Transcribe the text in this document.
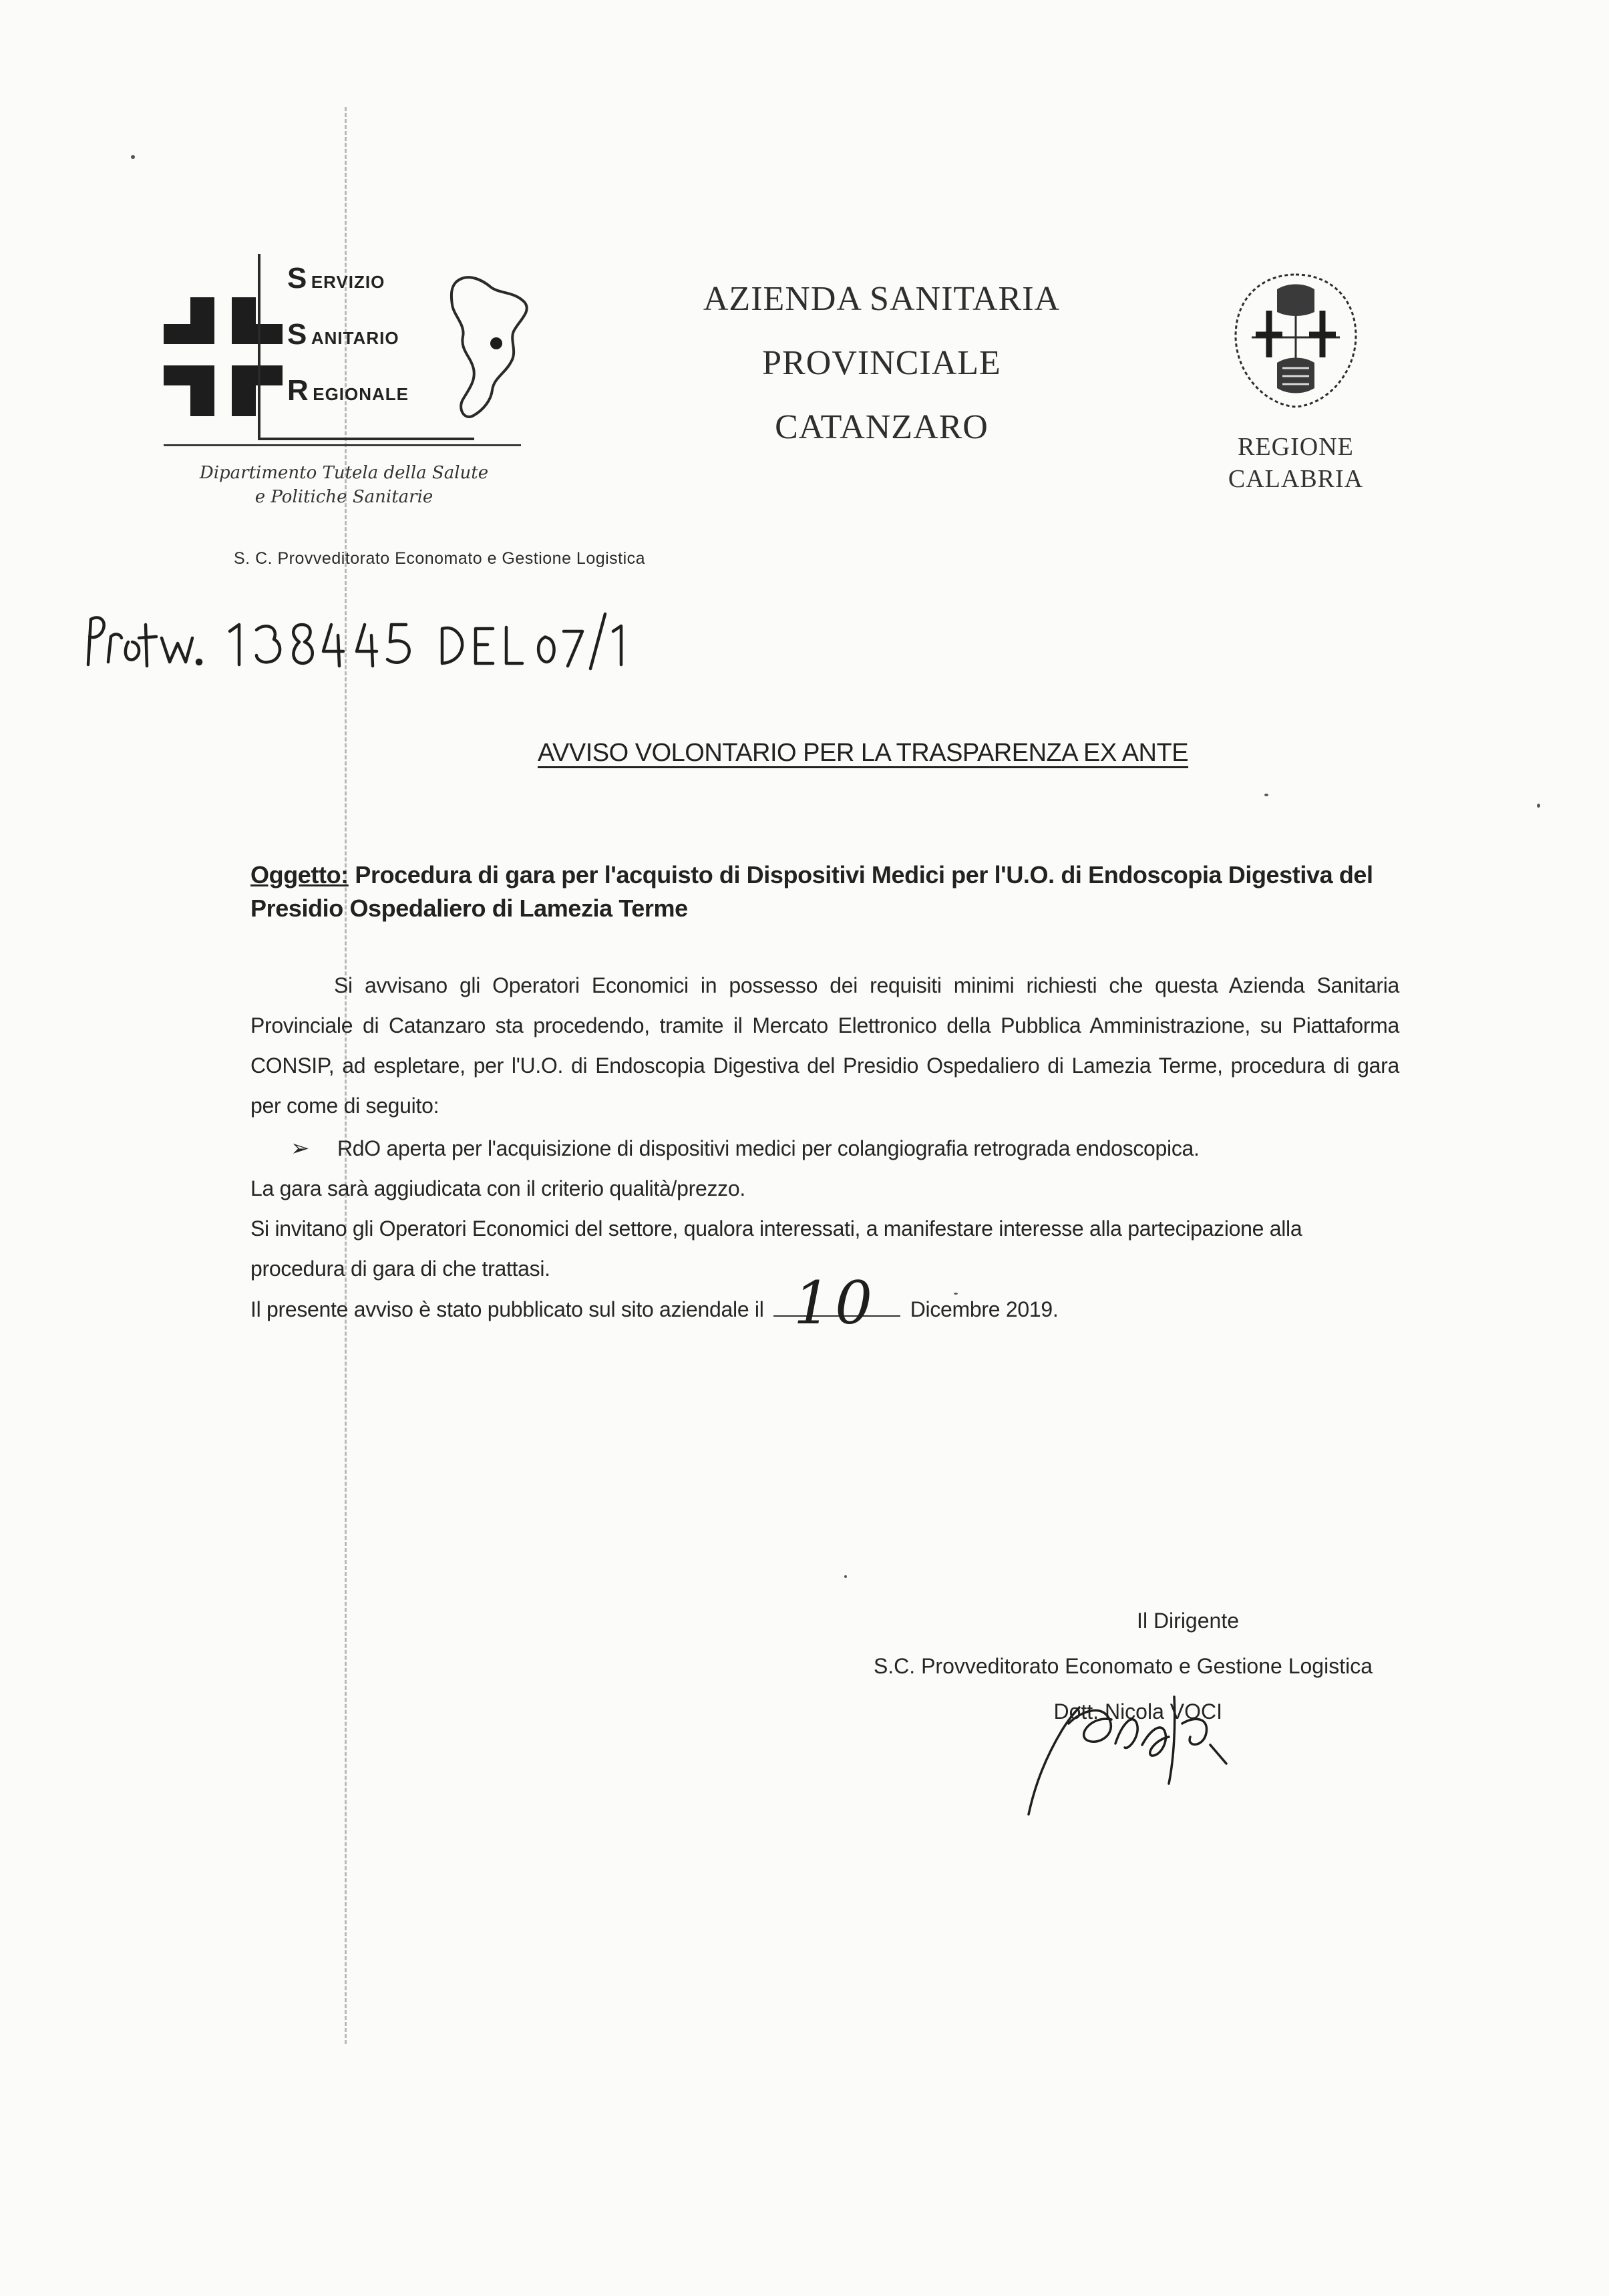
S ERVIZIO
S ANITARIO
R EGIONALE
Dipartimento Tutela della Salute
e Politiche Sanitarie
AZIENDA SANITARIA
PROVINCIALE
CATANZARO
REGIONE
CALABRIA
S. C. Provveditorato Economato e Gestione Logistica
AVVISO VOLONTARIO PER LA TRASPARENZA EX ANTE
Oggetto: Procedura di gara per l'acquisto di Dispositivi Medici per l'U.O. di Endoscopia Digestiva del Presidio Ospedaliero di Lamezia Terme

Si avvisano gli Operatori Economici in possesso dei requisiti minimi richiesti che questa Azienda Sanitaria Provinciale di Catanzaro sta procedendo, tramite il Mercato Elettronico della Pubblica Amministrazione, su Piattaforma CONSIP, ad espletare, per l'U.O. di Endoscopia Digestiva del Presidio Ospedaliero di Lamezia Terme, procedura di gara per come di seguito:

➢	RdO aperta per l'acquisizione di dispositivi medici per colangiografia retrograda endoscopica.

La gara sarà aggiudicata con il criterio qualità/prezzo.

Si invitano gli Operatori Economici del settore, qualora interessati, a manifestare interesse alla partecipazione alla procedura di gara di che trattasi.

Il presente avviso è stato pubblicato sul sito aziendale il 10 Dicembre 2019.

Il Dirigente
S.C. Provveditorato Economato e Gestione Logistica
Dott. Nicola VOCI
